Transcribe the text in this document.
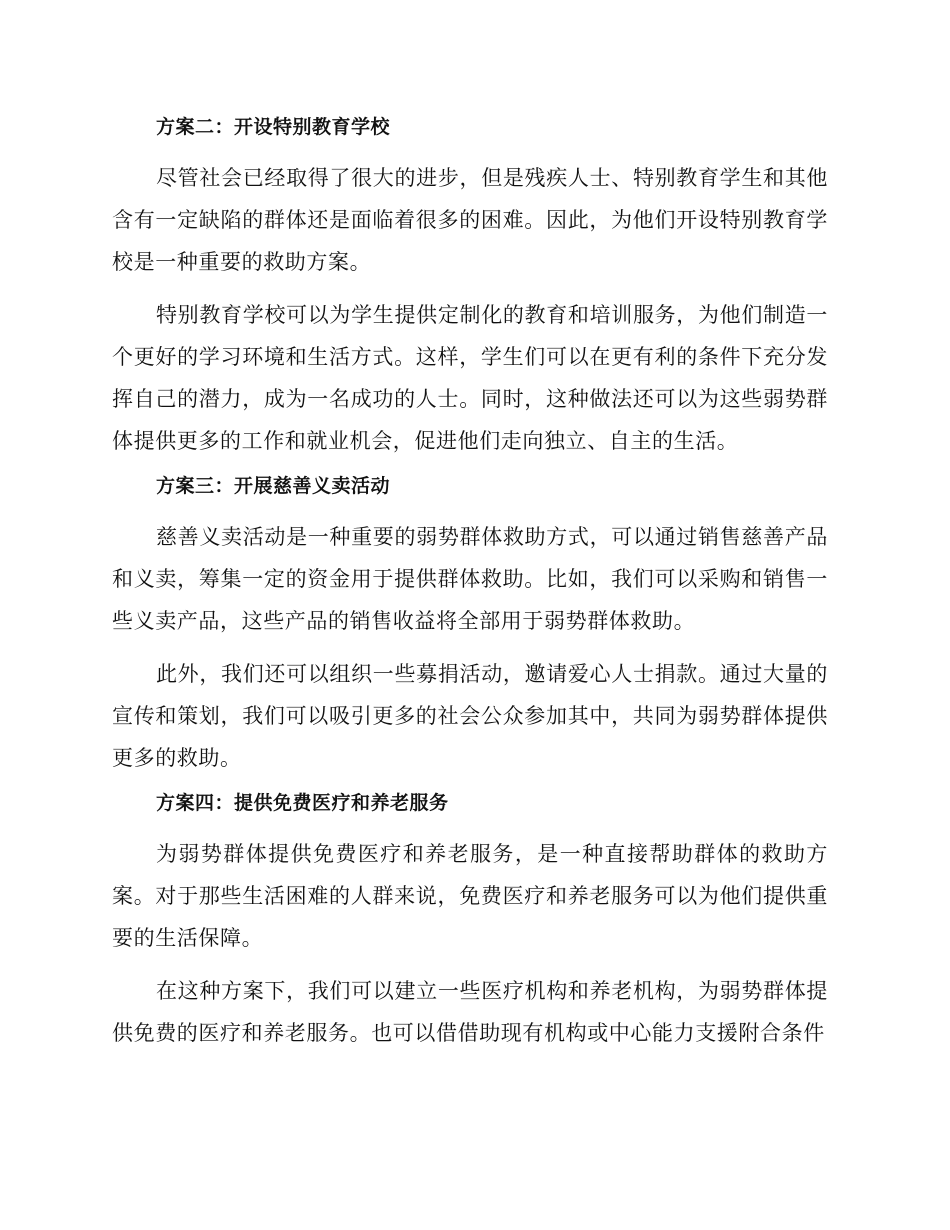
方案二：开设特别教育学校

尽管社会已经取得了很大的进步，但是残疾人士、特别教育学生和其他含有一定缺陷的群体还是面临着很多的困难。因此，为他们开设特别教育学校是一种重要的救助方案。

特别教育学校可以为学生提供定制化的教育和培训服务，为他们制造一个更好的学习环境和生活方式。这样，学生们可以在更有利的条件下充分发挥自己的潜力，成为一名成功的人士。同时，这种做法还可以为这些弱势群体提供更多的工作和就业机会，促进他们走向独立、自主的生活。

方案三：开展慈善义卖活动

慈善义卖活动是一种重要的弱势群体救助方式，可以通过销售慈善产品和义卖，筹集一定的资金用于提供群体救助。比如，我们可以采购和销售一些义卖产品，这些产品的销售收益将全部用于弱势群体救助。

此外，我们还可以组织一些募捐活动，邀请爱心人士捐款。通过大量的宣传和策划，我们可以吸引更多的社会公众参加其中，共同为弱势群体提供更多的救助。

方案四：提供免费医疗和养老服务

为弱势群体提供免费医疗和养老服务，是一种直接帮助群体的救助方案。对于那些生活困难的人群来说，免费医疗和养老服务可以为他们提供重要的生活保障。

在这种方案下，我们可以建立一些医疗机构和养老机构，为弱势群体提供免费的医疗和养老服务。也可以借借助现有机构或中心能力支援附合条件
